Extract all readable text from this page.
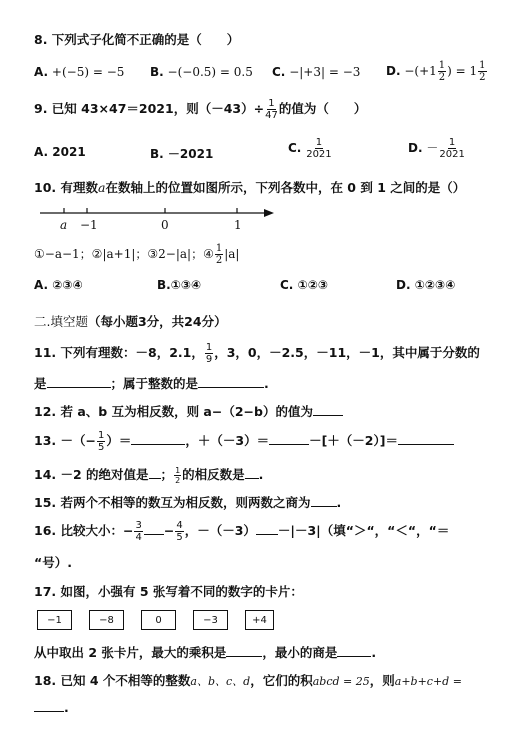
8. 下列式子化简不正确的是（　　）
A. +(−5) = −5 B. −(−0.5) = 0.5 C. −|+3| = −3 D. $-(+1 \frac{1}{2}$ ) = $1 \frac{1}{2}$
9. 已知 43×47＝2021，则$(-43)\div \frac{1}{47}$ 的值为（　　）
A. 2021	B. －2021	C. $\frac{1}{2021}$	D. － $\frac{1}{2021}$
10. 有理数a在数轴上的位置如图所示，下列各数中，在 0 到 1 之间的是（）
a −1	0	1
①−a−1；②|a+1|；③2−|a|；④ $\frac{1}{2} |a|$
A. ②③④	B.①③④	C. ①②③	D. ①②③④
二.填空题（每小题3分，共24分）
11. 下列有理数：－8，2.1， $\frac{1}{9}$ ，3，0，－2.5，－11，－1，其中属于分数的
是	；属于整数的是	.
12. 若 a、b 互为相反数，则 a−（2−b）的值为
13. －（− $\frac{1}{5}$ ）＝	，＋（－3）＝	－[＋（－2）]＝
14. －2 的绝对值是 ； $\frac{1}{2}$ 的相反数是 .
15. 若两个不相等的数互为相反数，则两数之商为 .
16. 比较大小：− $\frac{3}{4} - \frac{4}{5}$ ，－（－3） －|－3|（填“＞“，“＜“，“＝
“号）.
17. 如图，小强有 5 张写着不同的数字的卡片：
−1	−8	0	−3	+4
从中取出 2 张卡片，最大的乘积是	，最小的商是	.
18. 已知 4 个不相等的整数a、b、c、d，它们的积abcd = 25，则a+b+c+d =
.
